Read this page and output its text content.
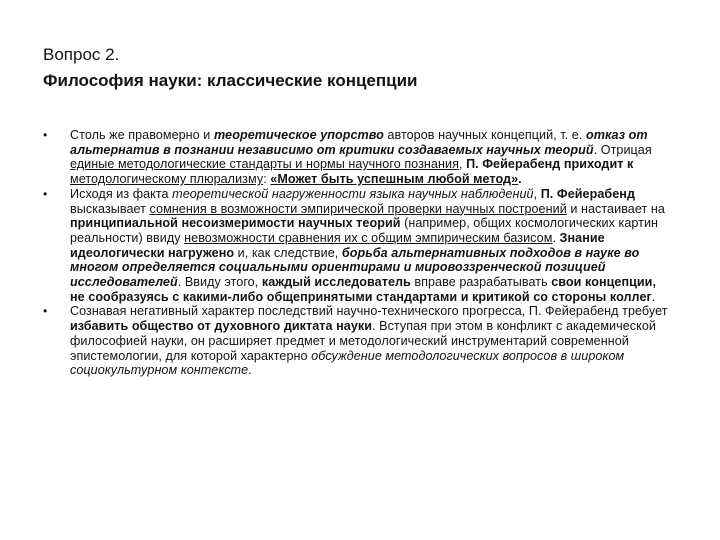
Вопрос 2.
Философия науки: классические концепции
•	Столь же правомерно и теоретическое упорство авторов научных концепций, т. е. отказ от альтернатив в познании независимо от критики создаваемых научных теорий. Отрицая единые методологические стандарты и нормы научного познания, П. Фейерабенд приходит к методологическому плюрализму: «Может быть успешным любой метод».
•	Исходя из факта теоретической нагруженности языка научных наблюдений, П. Фейерабенд высказывает сомнения в возможности эмпирической проверки научных построений и настаивает на принципиальной несоизмеримости научных теорий (например, общих космологических картин реальности) ввиду невозможности сравнения их с общим эмпирическим базисом. Знание идеологически нагружено и, как следствие, борьба альтернативных подходов в науке во многом определяется социальными ориентирами и мировоззренческой позицией исследователей. Ввиду этого, каждый исследователь вправе разрабатывать свои концепции, не сообразуясь с какими-либо общепринятыми стандартами и критикой со стороны коллег.
•	Сознавая негативный характер последствий научно-технического прогресса, П. Фейерабенд требует избавить общество от духовного диктата науки. Вступая при этом в конфликт с академической философией науки, он расширяет предмет и методологический инструментарий современной эпистемологии, для которой характерно обсуждение методологических вопросов в широком социокультурном контексте.
